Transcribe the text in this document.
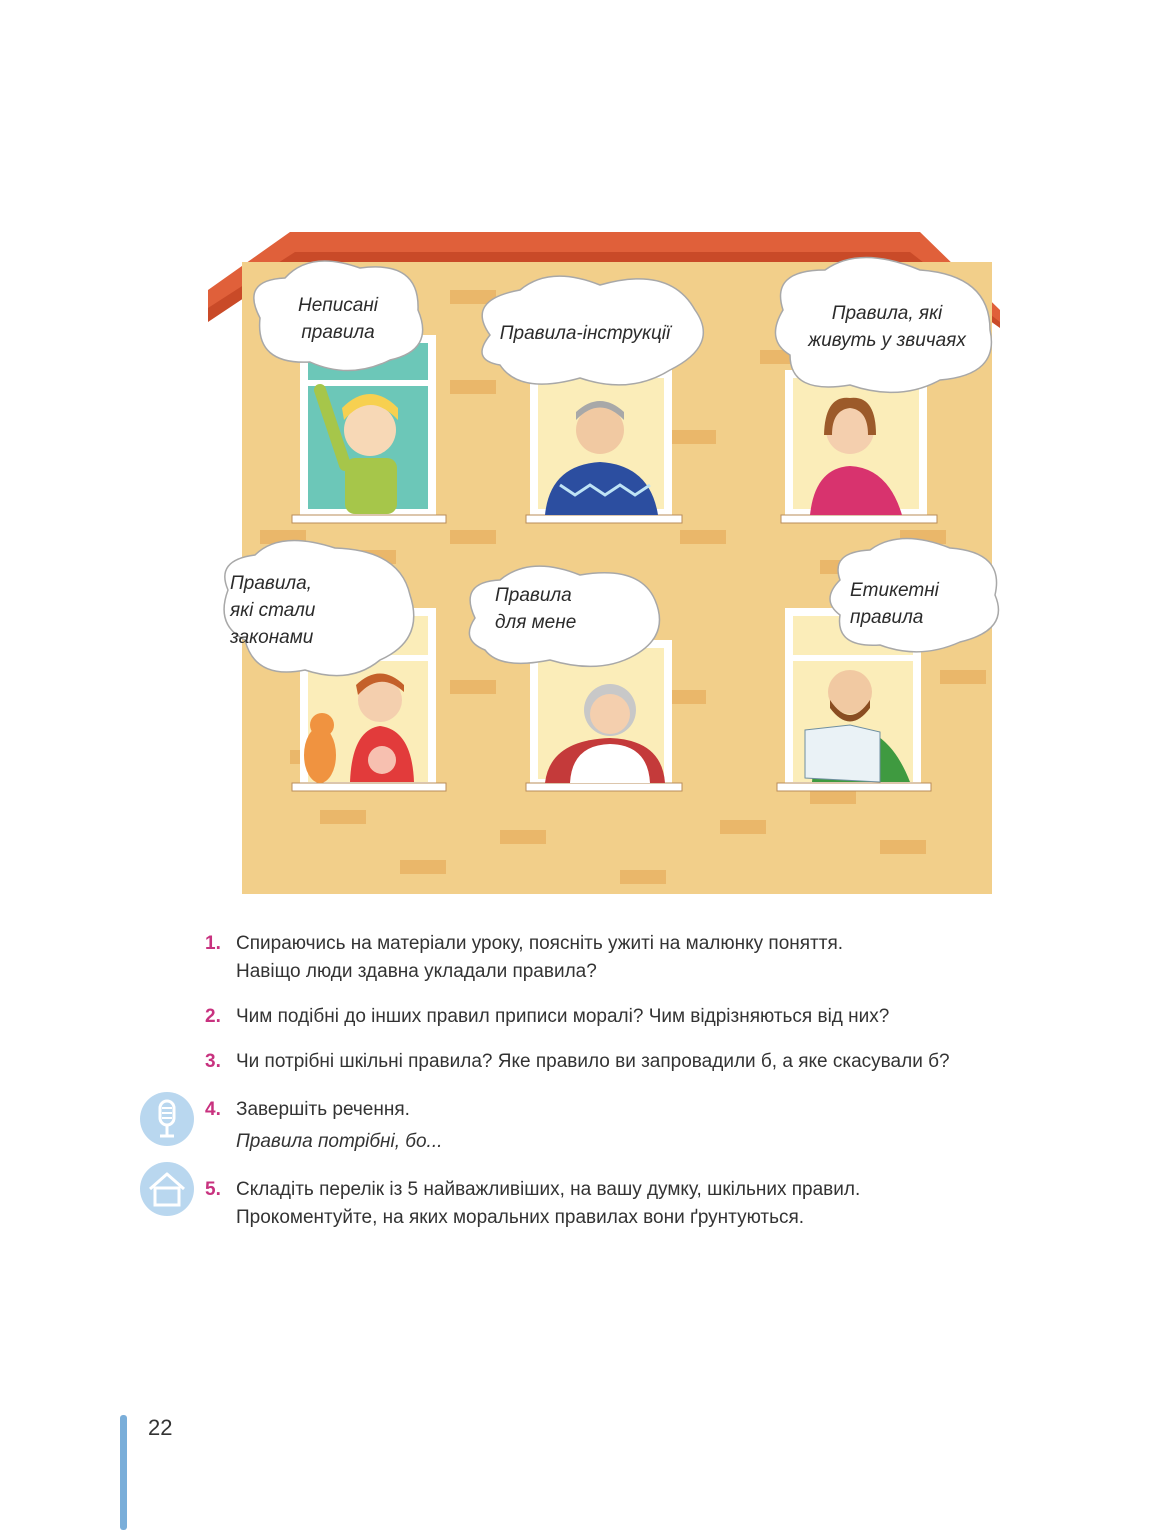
Неписані
правила	Правила-інструкції
Правила, які
живуть у звичаях
Правила,
які стали
законами
Правила
для мене
Етикетні
правила
1. Спираючись на матеріали уроку, поясніть ужиті на малюнку поняття.
Навіщо люди здавна укладали правила?
2. Чим подібні до інших правил приписи моралі? Чим відрізняються від них?
3. Чи потрібні шкільні правила? Яке правило ви запровадили б, а яке скасували б?
4. Завершіть речення.
Правила потрібні, бо...
5. Складіть перелік із 5 найважливіших, на вашу думку, шкільних правил.
Прокоментуйте, на яких моральних правилах вони ґрунтуються.
22
